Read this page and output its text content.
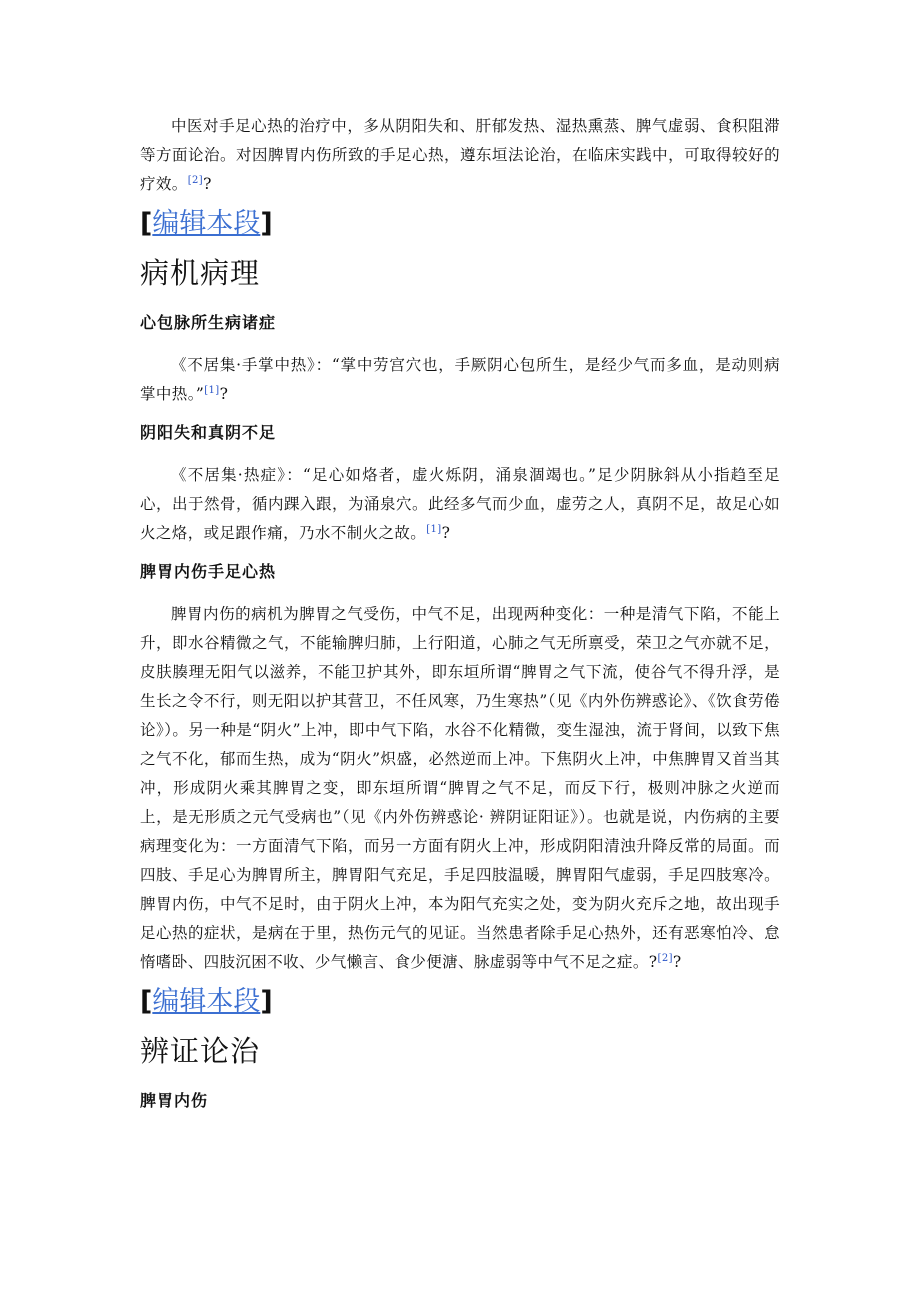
中医对手足心热的治疗中，多从阴阳失和、肝郁发热、湿热熏蒸、脾气虚弱、食积阻滞等方面论治。对因脾胃内伤所致的手足心热，遵东垣法论治，在临床实践中，可取得较好的疗效。[2]?

[编辑本段]
病机病理
心包脉所生病诸症

《不居集·手掌中热》：“掌中劳宫穴也，手厥阴心包所生，是经少气而多血，是动则病掌中热。”[1]?

阴阳失和真阴不足

《不居集·热症》：“足心如烙者，虚火烁阴，涌泉涸竭也。”足少阴脉斜从小指趋至足心，出于然骨，循内踝入跟，为涌泉穴。此经多气而少血，虚劳之人，真阴不足，故足心如火之烙，或足跟作痛，乃水不制火之故。[1]?

脾胃内伤手足心热

脾胃内伤的病机为脾胃之气受伤，中气不足，出现两种变化：一种是清气下陷，不能上升，即水谷精微之气，不能输脾归肺，上行阳道，心肺之气无所禀受，荣卫之气亦就不足，皮肤腠理无阳气以滋养，不能卫护其外，即东垣所谓“脾胃之气下流，使谷气不得升浮，是生长之令不行，则无阳以护其营卫，不任风寒，乃生寒热”（见《内外伤辨惑论》、《饮食劳倦论》）。另一种是“阴火”上冲，即中气下陷，水谷不化精微，变生湿浊，流于肾间，以致下焦之气不化，郁而生热，成为“阴火”炽盛，必然逆而上冲。下焦阴火上冲，中焦脾胃又首当其冲，形成阴火乘其脾胃之变，即东垣所谓“脾胃之气不足，而反下行，极则冲脉之火逆而上，是无形质之元气受病也”（见《内外伤辨惑论· 辨阴证阳证》）。也就是说，内伤病的主要病理变化为：一方面清气下陷，而另一方面有阴火上冲，形成阴阳清浊升降反常的局面。而四肢、手足心为脾胃所主，脾胃阳气充足，手足四肢温暖，脾胃阳气虚弱，手足四肢寒冷。脾胃内伤，中气不足时，由于阴火上冲，本为阳气充实之处，变为阴火充斥之地，故出现手足心热的症状，是病在于里，热伤元气的见证。当然患者除手足心热外，还有恶寒怕冷、怠惰嗜卧、四肢沉困不收、少气懒言、食少便溏、脉虚弱等中气不足之症。?[2]?

[编辑本段]
辨证论治
脾胃内伤
